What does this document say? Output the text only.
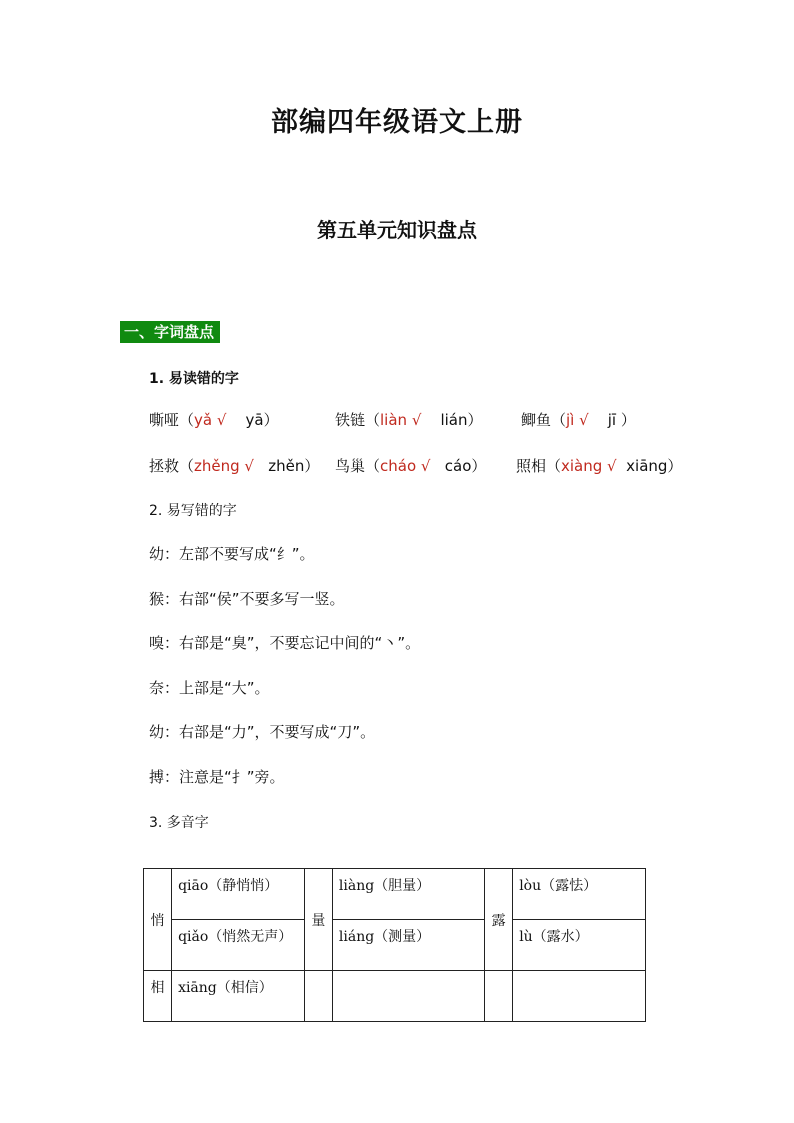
部编四年级语文上册
第五单元知识盘点
一、字词盘点
1. 易读错的字
嘶哑（yǎ √ yā）	铁链（liàn √ lián）	鲫鱼（jì √ jī ）
拯救（zhěng √ zhěn） 鸟巢（cháo √ cáo） 照相（xiàng √ xiāng）
2. 易写错的字
幼：左部不要写成“纟”。
猴：右部“侯”不要多写一竖。
嗅：右部是“臭”，不要忘记中间的“丶”。
奈：上部是“大”。
幼：右部是“力”，不要写成“刀”。
搏：注意是“扌”旁。
3. 多音字
悄	qiāo（静悄悄）	量	liàng（胆量）	露	lòu（露怯）
	qiǎo（悄然无声）		liáng（测量）		lù（露水）
相	xiāng（相信）				
